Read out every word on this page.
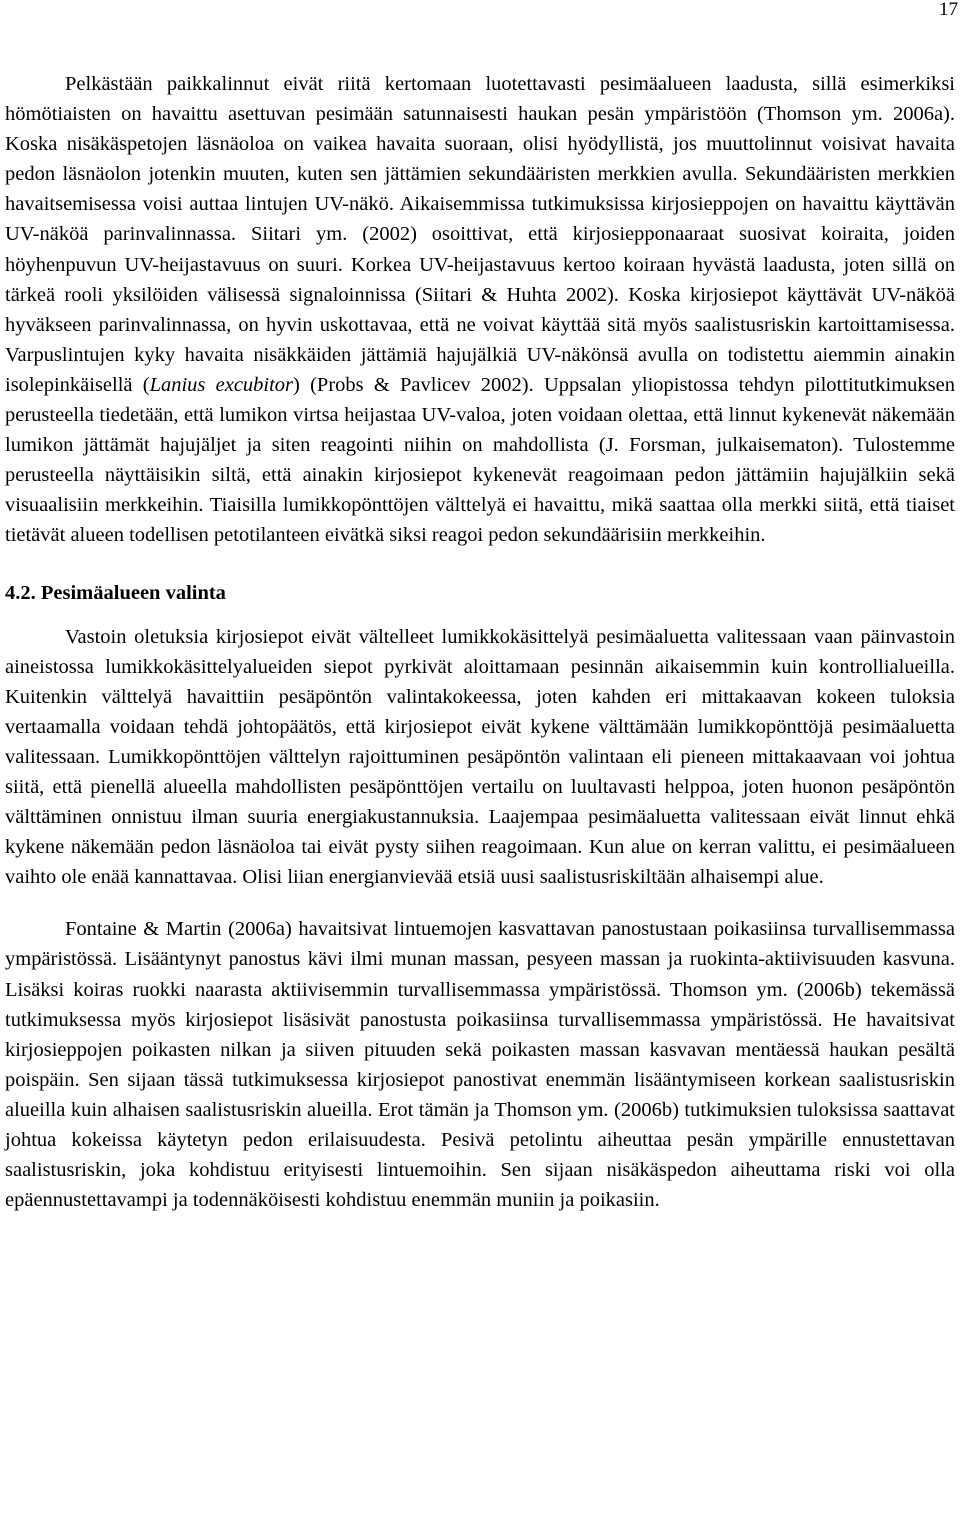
17

Pelkästään paikkalinnut eivät riitä kertomaan luotettavasti pesimäalueen laadusta, sillä esimerkiksi hömötiaisten on havaittu asettuvan pesimään satunnaisesti haukan pesän ympäristöön (Thomson ym. 2006a). Koska nisäkäspetojen läsnäoloa on vaikea havaita suoraan, olisi hyödyllistä, jos muuttolinnut voisivat havaita pedon läsnäolon jotenkin muuten, kuten sen jättämien sekundääristen merkkien avulla. Sekundääristen merkkien havaitsemisessa voisi auttaa lintujen UV-näkö. Aikaisemmissa tutkimuksissa kirjosieppojen on havaittu käyttävän UV-näköä parinvalinnassa. Siitari ym. (2002) osoittivat, että kirjosiepponaaraat suosivat koiraita, joiden höyhenpuvun UV-heijastavuus on suuri. Korkea UV-heijastavuus kertoo koiraan hyvästä laadusta, joten sillä on tärkeä rooli yksilöiden välisessä signaloinnissa (Siitari & Huhta 2002). Koska kirjosiepot käyttävät UV-näköä hyväkseen parinvalinnassa, on hyvin uskottavaa, että ne voivat käyttää sitä myös saalistusriskin kartoittamisessa. Varpuslintujen kyky havaita nisäkkäiden jättämiä hajujälkiä UV-näkönsä avulla on todistettu aiemmin ainakin isolepinkäisellä (Lanius excubitor) (Probs & Pavlicev 2002). Uppsalan yliopistossa tehdyn pilottitutkimuksen perusteella tiedetään, että lumikon virtsa heijastaa UV-valoa, joten voidaan olettaa, että linnut kykenevät näkemään lumikon jättämät hajujäljet ja siten reagointi niihin on mahdollista (J. Forsman, julkaisematon). Tulostemme perusteella näyttäisikin siltä, että ainakin kirjosiepot kykenevät reagoimaan pedon jättämiin hajujälkiin sekä visuaalisiin merkkeihin. Tiaisilla lumikkopönttöjen välttelyä ei havaittu, mikä saattaa olla merkki siitä, että tiaiset tietävät alueen todellisen petotilanteen eivätkä siksi reagoi pedon sekundäärisiin merkkeihin.

4.2. Pesimäalueen valinta

Vastoin oletuksia kirjosiepot eivät vältelleet lumikkokäsittelyä pesimäaluetta valitessaan vaan päinvastoin aineistossa lumikkokäsittelyalueiden siepot pyrkivät aloittamaan pesinnän aikaisemmin kuin kontrollialueilla. Kuitenkin välttelyä havaittiin pesäpöntön valintakokeessa, joten kahden eri mittakaavan kokeen tuloksia vertaamalla voidaan tehdä johtopäätös, että kirjosiepot eivät kykene välttämään lumikkopönttöjä pesimäaluetta valitessaan. Lumikkopönttöjen välttelyn rajoittuminen pesäpöntön valintaan eli pieneen mittakaavaan voi johtua siitä, että pienellä alueella mahdollisten pesäpönttöjen vertailu on luultavasti helppoa, joten huonon pesäpöntön välttäminen onnistuu ilman suuria energiakustannuksia. Laajempaa pesimäaluetta valitessaan eivät linnut ehkä kykene näkemään pedon läsnäoloa tai eivät pysty siihen reagoimaan. Kun alue on kerran valittu, ei pesimäalueen vaihto ole enää kannattavaa. Olisi liian energianvievää etsiä uusi saalistusriskiltään alhaisempi alue.

Fontaine & Martin (2006a) havaitsivat lintuemojen kasvattavan panostustaan poikasiinsa turvallisemmassa ympäristössä. Lisääntynyt panostus kävi ilmi munan massan, pesyeen massan ja ruokinta-aktiivisuuden kasvuna. Lisäksi koiras ruokki naarasta aktiivisemmin turvallisemmassa ympäristössä. Thomson ym. (2006b) tekemässä tutkimuksessa myös kirjosiepot lisäsivät panostusta poikasiinsa turvallisemmassa ympäristössä. He havaitsivat kirjosieppojen poikasten nilkan ja siiven pituuden sekä poikasten massan kasvavan mentäessä haukan pesältä poispäin. Sen sijaan tässä tutkimuksessa kirjosiepot panostivat enemmän lisääntymiseen korkean saalistusriskin alueilla kuin alhaisen saalistusriskin alueilla. Erot tämän ja Thomson ym. (2006b) tutkimuksien tuloksissa saattavat johtua kokeissa käytetyn pedon erilaisuudesta. Pesivä petolintu aiheuttaa pesän ympärille ennustettavan saalistusriskin, joka kohdistuu erityisesti lintuemoihin. Sen sijaan nisäkäspedon aiheuttama riski voi olla epäennustettavampi ja todennäköisesti kohdistuu enemmän muniin ja poikasiin.
